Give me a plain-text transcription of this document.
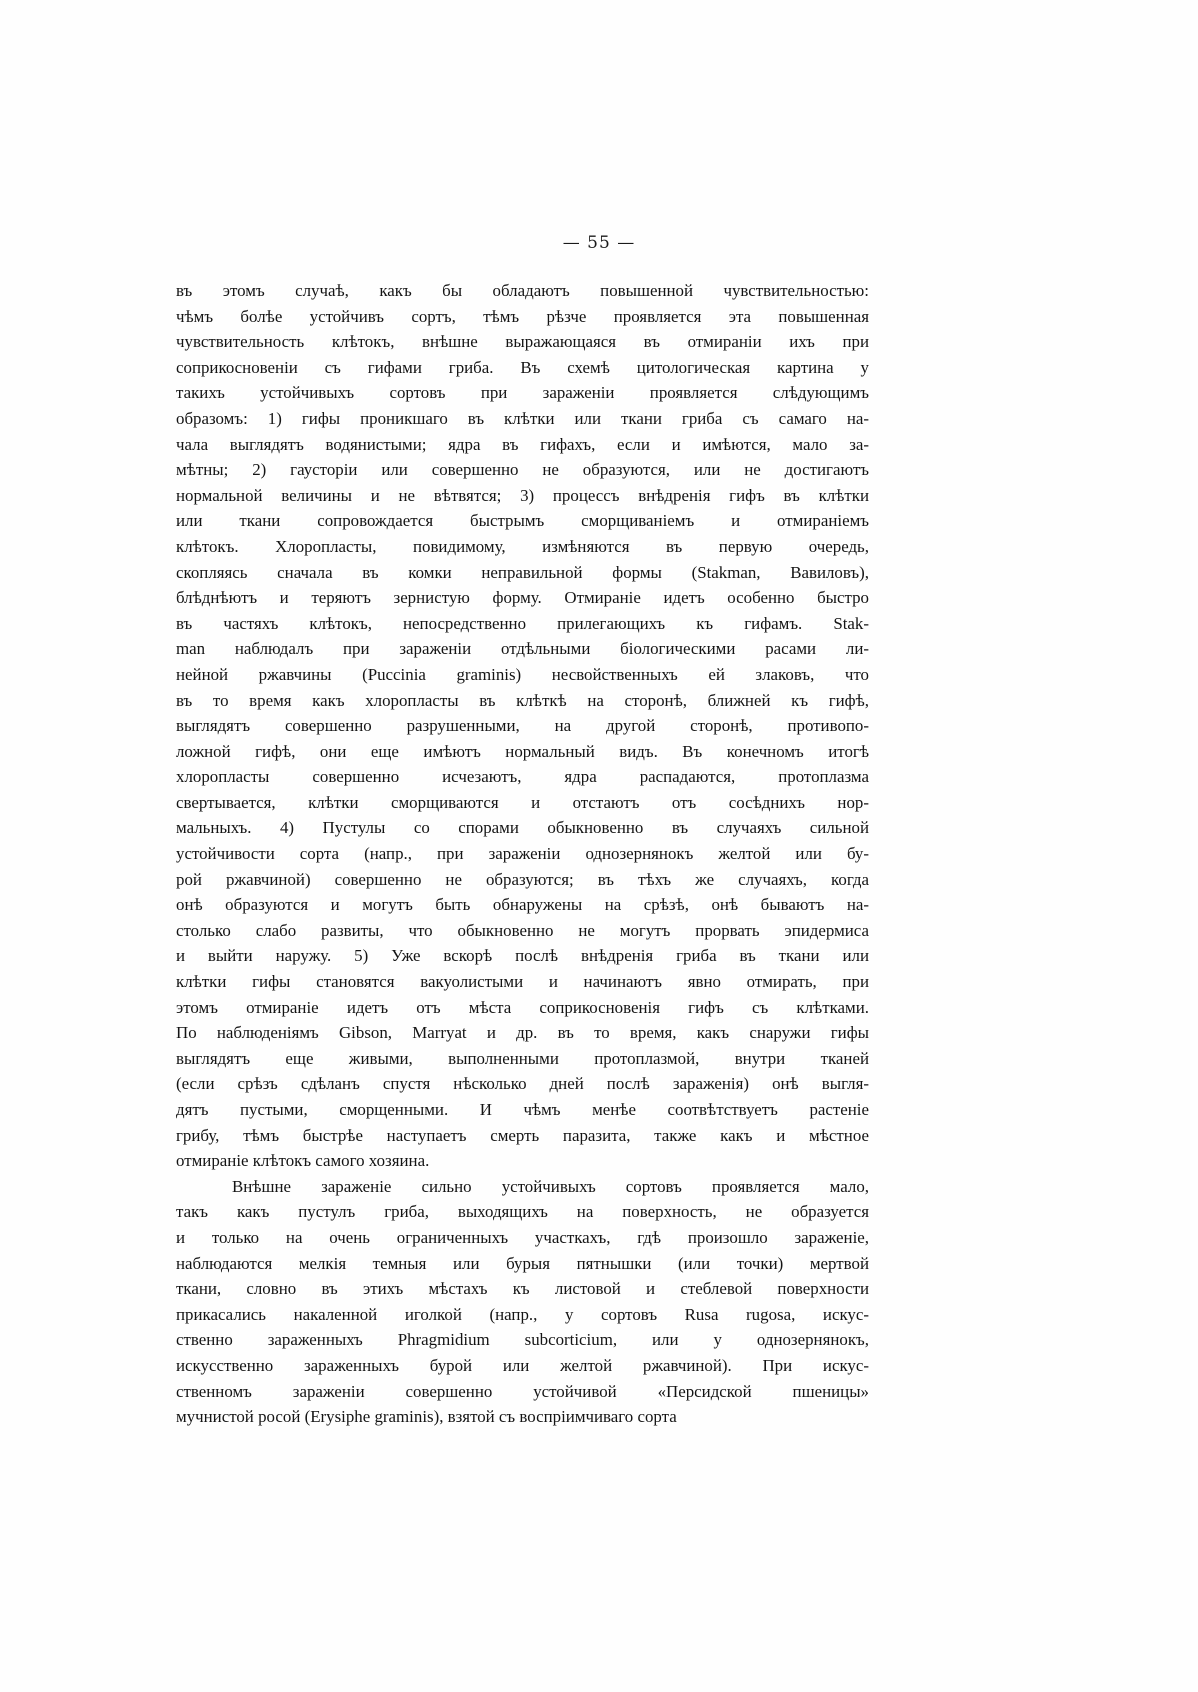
— 55 —
въ этомъ случаѣ, какъ бы обладаютъ повышенной чувствительностью:
чѣмъ болѣе устойчивъ сортъ, тѣмъ рѣзче проявляется эта повышенная
чувствительность клѣтокъ, внѣшне выражающаяся въ отмираніи ихъ при
соприкосновеніи съ гифами гриба. Въ схемѣ цитологическая картина у
такихъ устойчивыхъ сортовъ при зараженіи проявляется слѣдующимъ
образомъ: 1) гифы проникшаго въ клѣтки или ткани гриба съ самаго на-
чала выглядятъ водянистыми; ядра въ гифахъ, если и имѣются, мало за-
мѣтны; 2) гаусторіи или совершенно не образуются, или не достигаютъ
нормальной величины и не вѣтвятся; 3) процессъ внѣдренія гифъ въ клѣтки
или ткани сопровождается быстрымъ сморщиваніемъ и отмираніемъ
клѣтокъ. Хлоропласты, повидимому, измѣняются въ первую очередь,
скопляясь сначала въ комки неправильной формы (Stakman, Вавиловъ),
блѣднѣютъ и теряютъ зернистую форму. Отмираніе идетъ особенно быстро
въ частяхъ клѣтокъ, непосредственно прилегающихъ къ гифамъ. Stak-
man наблюдалъ при зараженіи отдѣльными біологическими расами ли-
нейной ржавчины (Puccinia graminis) несвойственныхъ ей злаковъ, что
въ то время какъ хлоропласты въ клѣткѣ на сторонѣ, ближней къ гифѣ,
выглядятъ совершенно разрушенными, на другой сторонѣ, противопо-
ложной гифѣ, они еще имѣютъ нормальный видъ. Въ конечномъ итогѣ
хлоропласты совершенно исчезаютъ, ядра распадаются, протоплазма
свертывается, клѣтки сморщиваются и отстаютъ отъ сосѣднихъ нор-
мальныхъ. 4) Пустулы со спорами обыкновенно въ случаяхъ сильной
устойчивости сорта (напр., при зараженіи однозернянокъ желтой или бу-
рой ржавчиной) совершенно не образуются; въ тѣхъ же случаяхъ, когда
онѣ образуются и могутъ быть обнаружены на срѣзѣ, онѣ бываютъ на-
столько слабо развиты, что обыкновенно не могутъ прорвать эпидермиса
и выйти наружу. 5) Уже вскорѣ послѣ внѣдренія гриба въ ткани или
клѣтки гифы становятся вакуолистыми и начинаютъ явно отмирать, при
этомъ отмираніе идетъ отъ мѣста соприкосновенія гифъ съ клѣтками.
По наблюденіямъ Gibson, Marryat и др. въ то время, какъ снаружи гифы
выглядятъ еще живыми, выполненными протоплазмой, внутри тканей
(если срѣзъ сдѣланъ спустя нѣсколько дней послѣ зараженія) онѣ выгля-
дятъ пустыми, сморщенными. И чѣмъ менѣе соотвѣтствуетъ растеніе
грибу, тѣмъ быстрѣе наступаетъ смерть паразита, также какъ и мѣстное
отмираніе клѣтокъ самого хозяина.
Внѣшне зараженіе сильно устойчивыхъ сортовъ проявляется мало,
такъ какъ пустулъ гриба, выходящихъ на поверхность, не образуется
и только на очень ограниченныхъ участкахъ, гдѣ произошло зараженіе,
наблюдаются мелкія темныя или бурыя пятнышки (или точки) мертвой
ткани, словно въ этихъ мѣстахъ къ листовой и стеблевой поверхности
прикасались накаленной иголкой (напр., у сортовъ Rusa rugosa, искус-
ственно зараженныхъ Phragmidium subcorticium, или у однозернянокъ,
искусственно зараженныхъ бурой или желтой ржавчиной). При искус-
ственномъ зараженіи совершенно устойчивой «Персидской пшеницы»
мучнистой росой (Erysiphe graminis), взятой съ воспріимчиваго сорта
